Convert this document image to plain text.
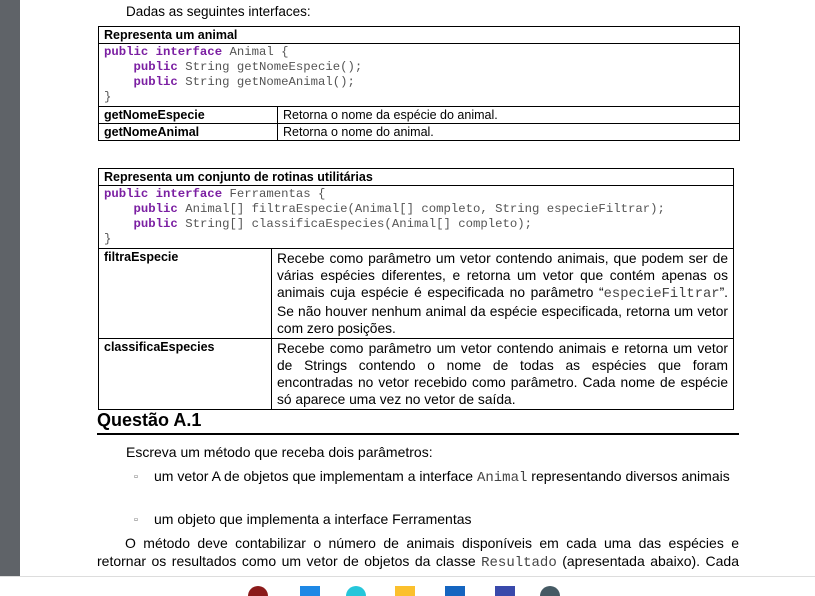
Dadas as seguintes interfaces:
Representa um animal	

public interface Animal {
public String getNomeEspecie();
public String getNomeAnimal();
}	

getNomeEspecie	Retorna o nome da espécie do animal.
getNomeAnimal	Retorna o nome do animal.
Representa um conjunto de rotinas utilitárias	

public interface Ferramentas {
public Animal[] filtraEspecie(Animal[] completo, String especieFiltrar);
public String[] classificaEspecies(Animal[] completo);
}	

filtraEspecie	Recebe como parâmetro um vetor contendo animais, que podem ser de várias espécies diferentes, e retorna um vetor que contém apenas os animais cuja espécie é especificada no parâmetro “especieFiltrar”. Se não houver nenhum animal da espécie especificada, retorna um vetor com zero posições.
classificaEspecies	Recebe como parâmetro um vetor contendo animais e retorna um vetor de Strings contendo o nome de todas as espécies que foram encontradas no vetor recebido como parâmetro. Cada nome de espécie só aparece uma vez no vetor de saída.
Questão A.1
Escreva um método que receba dois parâmetros:
▫ um vetor A de objetos que implementam a interface Animal representando diversos animais
▫ um objeto que implementa a interface Ferramentas
O método deve contabilizar o número de animais disponíveis em cada uma das espécies e retornar os resultados como um vetor de objetos da classe Resultado (apresentada abaixo). Cada
